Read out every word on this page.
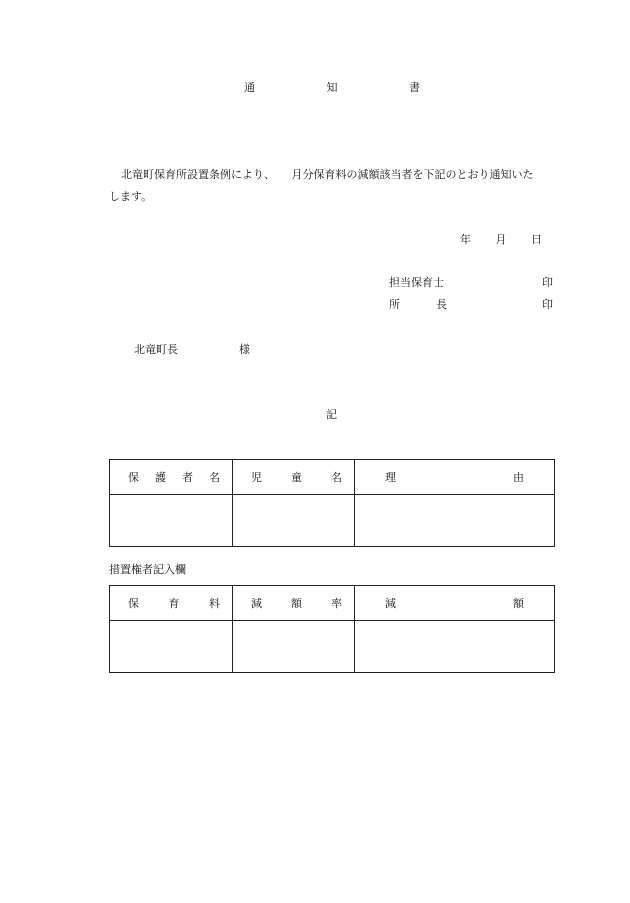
通	知	書
北竜町保育所設置条例により、　　月分保育料の減額該当者を下記のとおり通知いた
します。
年 月 日
担当保育士	印
所	長	印
北竜町長	様
記
保 護 者 名	児 童 名	理 由

措置権者記入欄
保 育 料	減 額 率	減 額
